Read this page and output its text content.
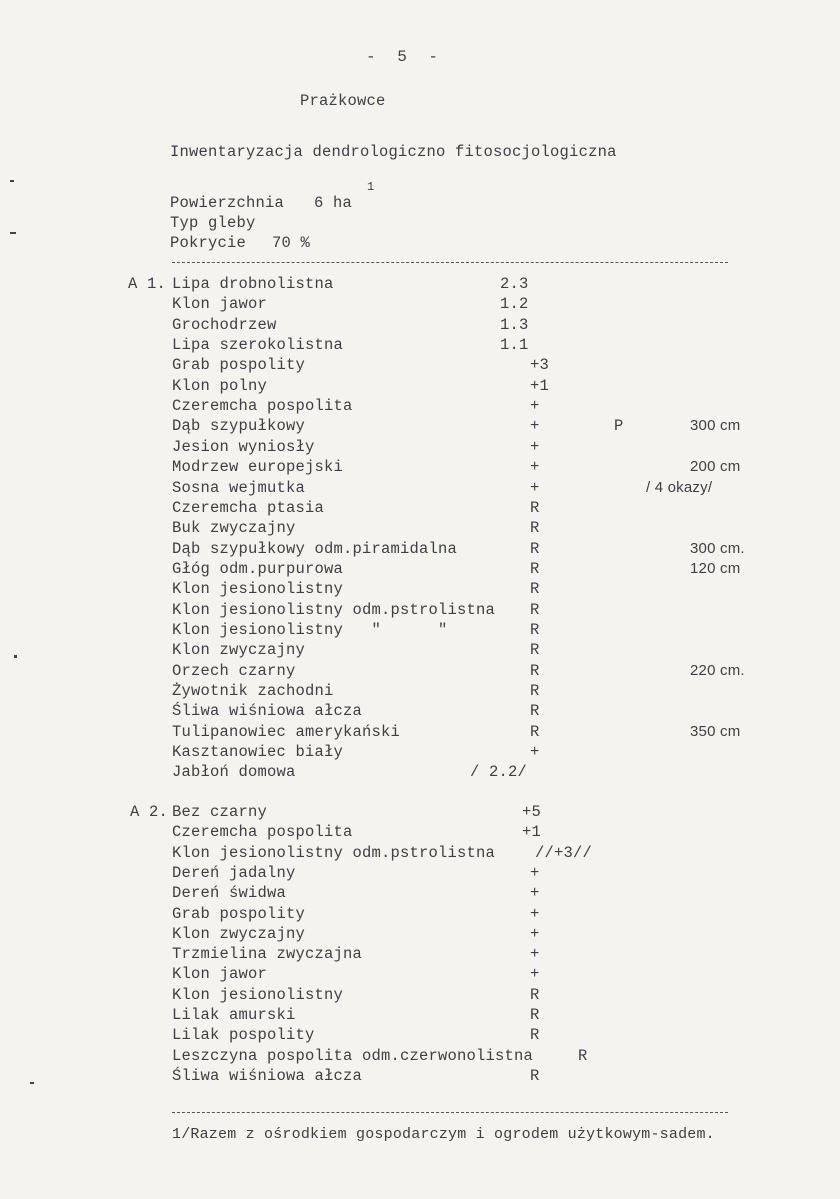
- 5 -
Prażkowce
Inwentaryzacja dendrologiczno fitosocjologiczna
Powierzchnia 6 ha
1
Typ gleby
Pokrycie 70 %
A 1. Lipa drobnolistna	2.3
Klon jawor	1.2
Grochodrzew	1.3
Lipa szerokolistna	1.1
Grab pospolity	+3
Klon polny	+1
Czeremcha pospolita	+
Dąb szypułkowy	+	P	300 cm
Jesion wyniosły	+
Modrzew europejski	+	200 cm
Sosna wejmutka	+	/ 4 okazy/
Czeremcha ptasia	R
Buk zwyczajny	R
Dąb szypułkowy odm.piramidalna	R	300 cm.
Głóg odm.purpurowa	R	120 cm
Klon jesionolistny	R
Klon jesionolistny odm.pstrolistna R
Klon jesionolistny   "      "	R
Klon zwyczajny	R
Orzech czarny	R	220 cm.
Żywotnik zachodni	R
Śliwa wiśniowa ałcza	R
Tulipanowiec amerykański	R	350 cm
Kasztanowiec biały	+
Jabłoń domowa	/ 2.2/
A 2. Bez czarny	+5
Czeremcha pospolita	+1
Klon jesionolistny odm.pstrolistna	//+3//
Dereń jadalny	+
Dereń świdwa	+
Grab pospolity	+
Klon zwyczajny	+
Trzmielina zwyczajna	+
Klon jawor	+
Klon jesionolistny	R
Lilak amurski	R
Lilak pospolity	R
Leszczyna pospolita odm.czerwonolistna	R
Śliwa wiśniowa ałcza	R
1/Razem z ośrodkiem gospodarczym i ogrodem użytkowym-sadem.
